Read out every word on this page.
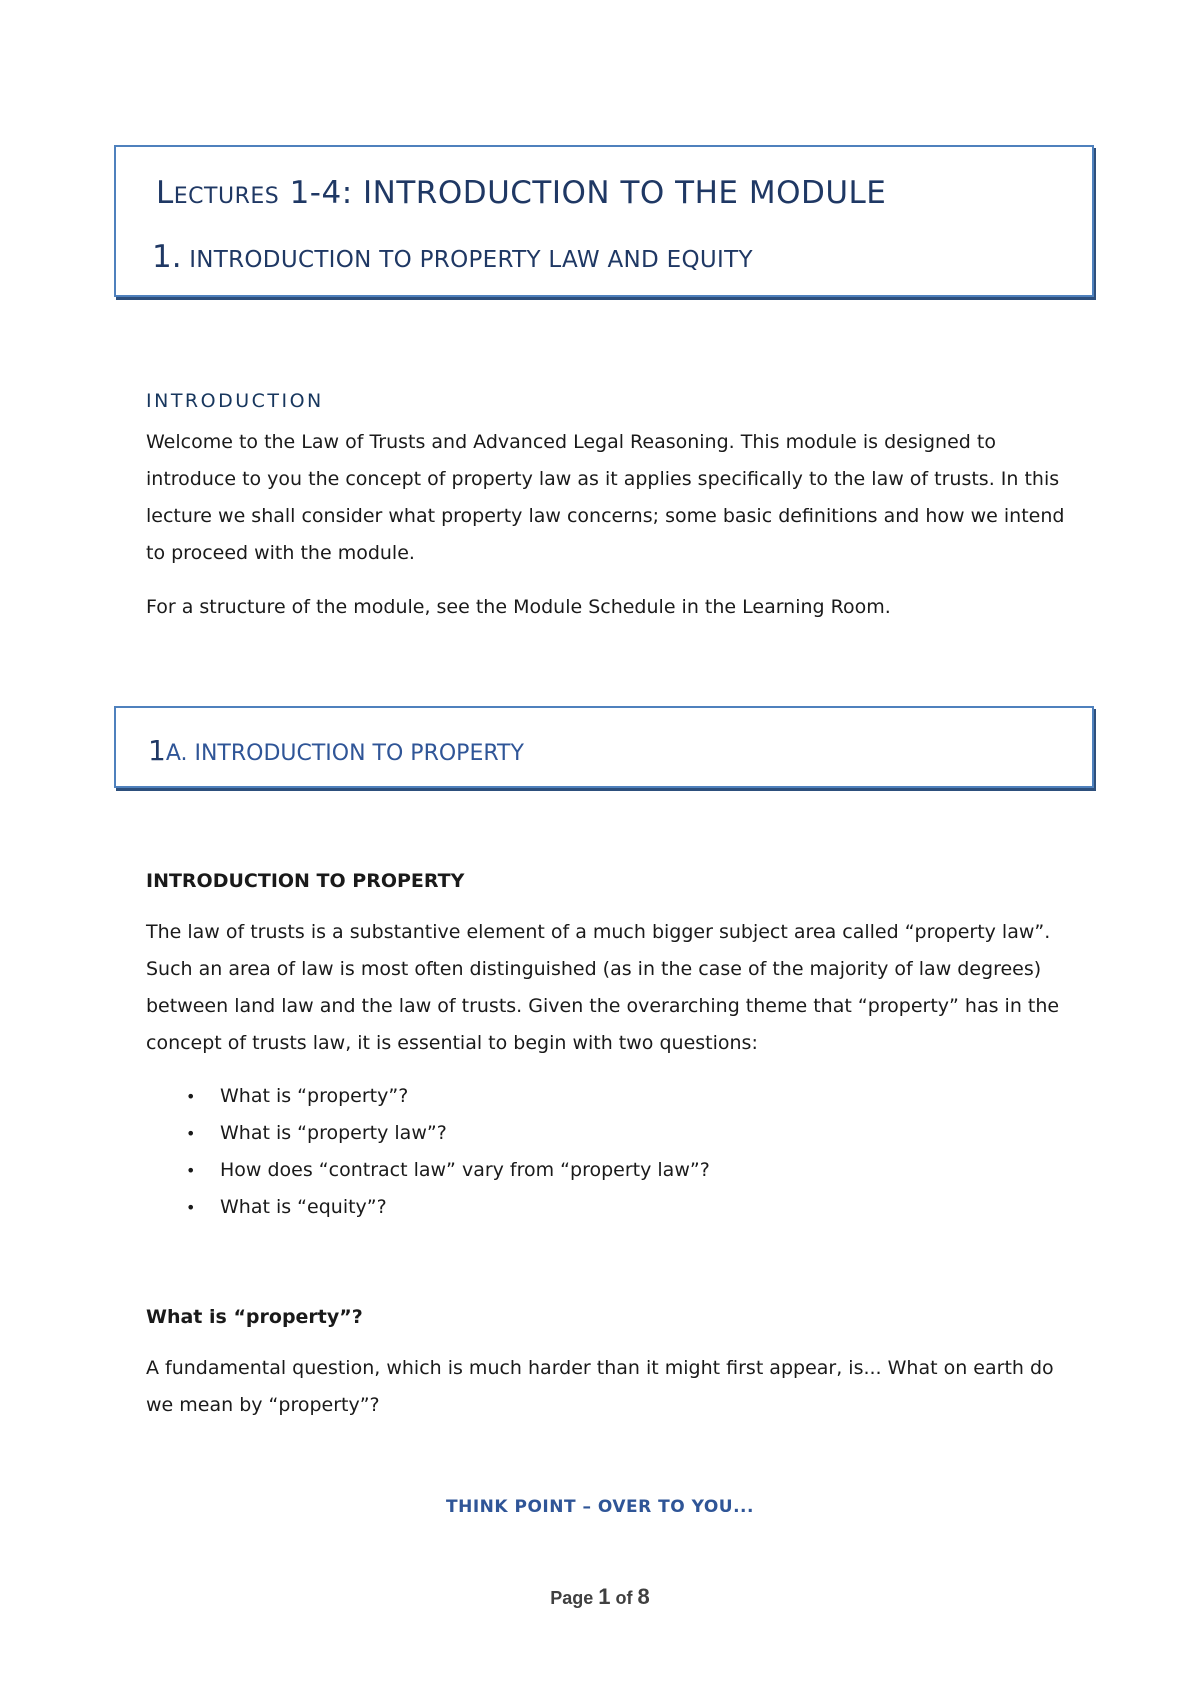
Lectures 1-4: INTRODUCTION TO THE MODULE
1. INTRODUCTION TO PROPERTY LAW AND EQUITY
INTRODUCTION
Welcome to the Law of Trusts and Advanced Legal Reasoning. This module is designed to introduce to you the concept of property law as it applies specifically to the law of trusts. In this lecture we shall consider what property law concerns; some basic definitions and how we intend to proceed with the module.
For a structure of the module, see the Module Schedule in the Learning Room.
1A. INTRODUCTION TO PROPERTY
INTRODUCTION TO PROPERTY
The law of trusts is a substantive element of a much bigger subject area called “property law”. Such an area of law is most often distinguished (as in the case of the majority of law degrees) between land law and the law of trusts. Given the overarching theme that “property” has in the concept of trusts law, it is essential to begin with two questions:
• What is “property”?
• What is “property law”?
• How does “contract law” vary from “property law”?
• What is “equity”?
What is “property”?
A fundamental question, which is much harder than it might first appear, is... What on earth do we mean by “property”?
THINK POINT – OVER TO YOU...
Page 1 of 8
